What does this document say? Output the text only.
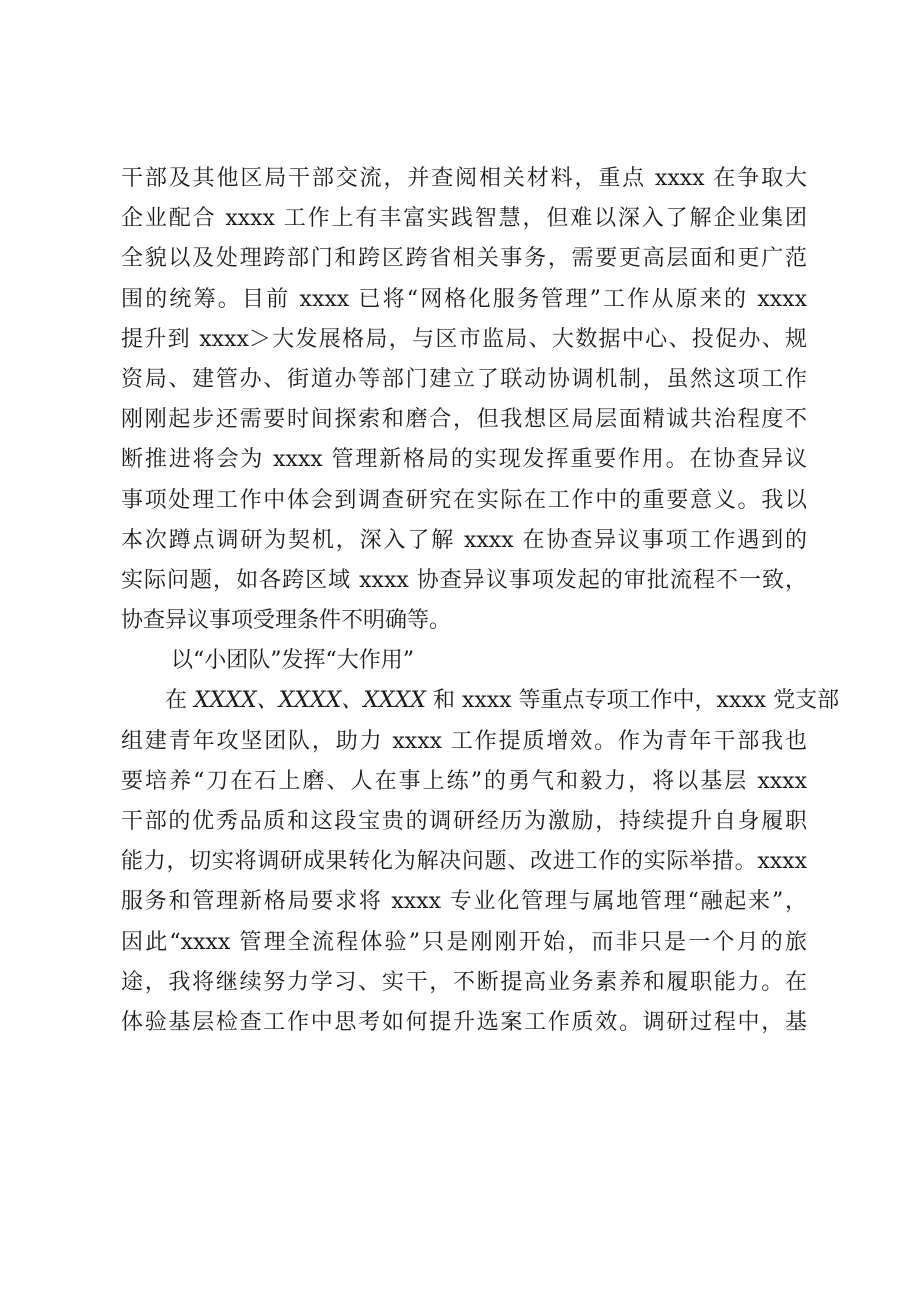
干部及其他区局干部交流，并查阅相关材料，重点 xxxx 在争取大
企业配合 xxxx 工作上有丰富实践智慧，但难以深入了解企业集团
全貌以及处理跨部门和跨区跨省相关事务，需要更高层面和更广范
围的统筹。目前 xxxx 已将“网格化服务管理”工作从原来的 xxxx
提升到 xxxx＞大发展格局，与区市监局、大数据中心、投促办、规
资局、建管办、街道办等部门建立了联动协调机制，虽然这项工作
刚刚起步还需要时间探索和磨合，但我想区局层面精诚共治程度不
断推进将会为 xxxx 管理新格局的实现发挥重要作用。在协查异议
事项处理工作中体会到调查研究在实际在工作中的重要意义。我以
本次蹲点调研为契机，深入了解 xxxx 在协查异议事项工作遇到的
实际问题，如各跨区域 xxxx 协查异议事项发起的审批流程不一致，
协查异议事项受理条件不明确等。
以“小团队”发挥“大作用”
在 XXXX、XXXX、XXXX 和 xxxx 等重点专项工作中，xxxx 党支部
组建青年攻坚团队，助力 xxxx 工作提质增效。作为青年干部我也
要培养“刀在石上磨、人在事上练”的勇气和毅力，将以基层 xxxx
干部的优秀品质和这段宝贵的调研经历为激励，持续提升自身履职
能力，切实将调研成果转化为解决问题、改进工作的实际举措。xxxx
服务和管理新格局要求将 xxxx 专业化管理与属地管理“融起来”，
因此“xxxx 管理全流程体验”只是刚刚开始，而非只是一个月的旅
途，我将继续努力学习、实干，不断提高业务素养和履职能力。在
体验基层检查工作中思考如何提升选案工作质效。调研过程中，基
